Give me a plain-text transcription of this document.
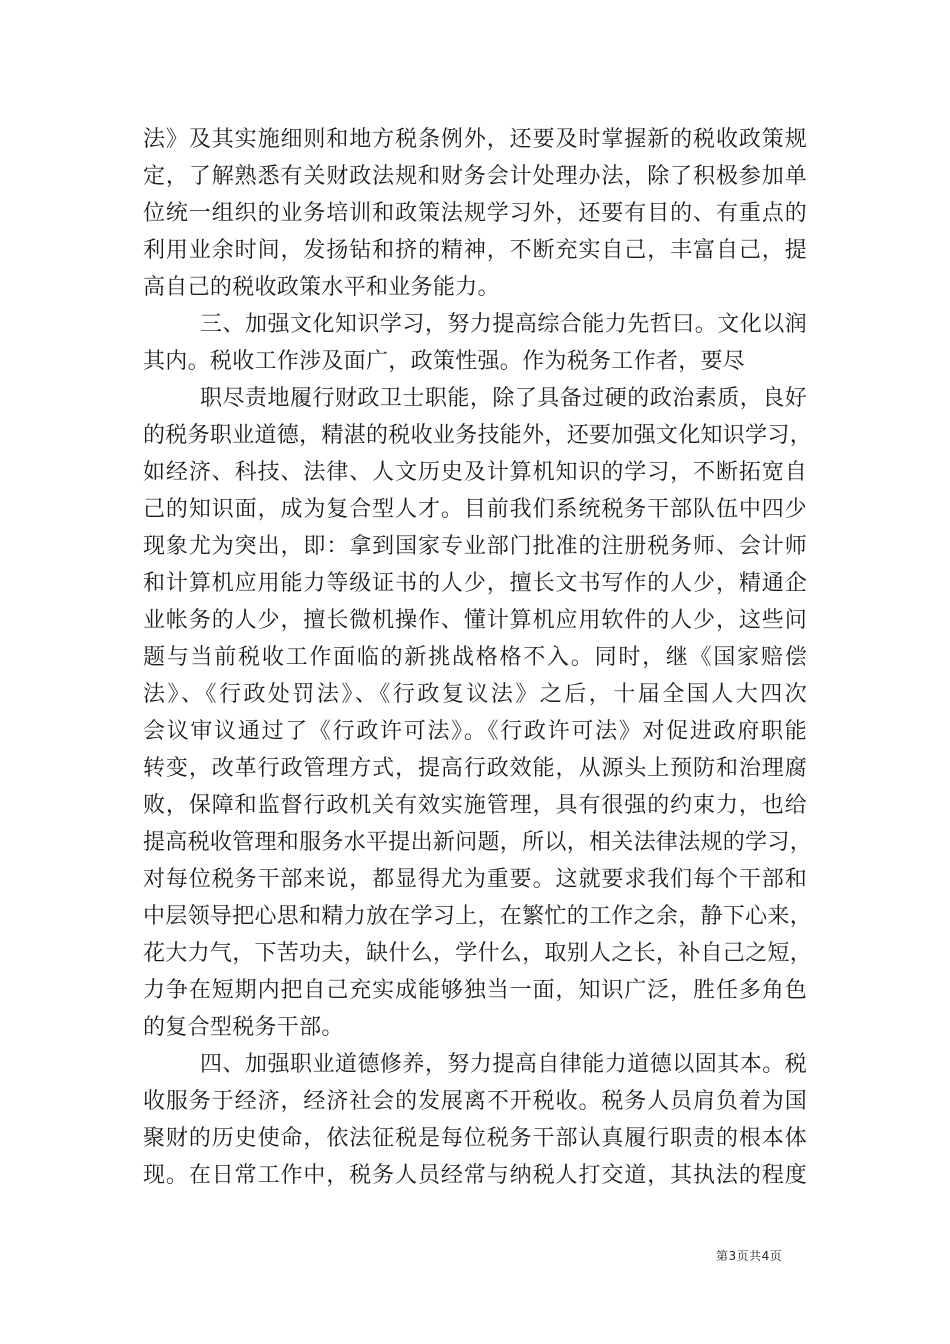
法》及其实施细则和地方税条例外，还要及时掌握新的税收政策规
定，了解熟悉有关财政法规和财务会计处理办法，除了积极参加单
位统一组织的业务培训和政策法规学习外，还要有目的、有重点的
利用业余时间，发扬钻和挤的精神，不断充实自己，丰富自己，提
高自己的税收政策水平和业务能力。
三、加强文化知识学习，努力提高综合能力先哲曰。文化以润
其内。税收工作涉及面广，政策性强。作为税务工作者，要尽
职尽责地履行财政卫士职能，除了具备过硬的政治素质，良好
的税务职业道德，精湛的税收业务技能外，还要加强文化知识学习，
如经济、科技、法律、人文历史及计算机知识的学习，不断拓宽自
己的知识面，成为复合型人才。目前我们系统税务干部队伍中四少
现象尤为突出，即：拿到国家专业部门批准的注册税务师、会计师
和计算机应用能力等级证书的人少，擅长文书写作的人少，精通企
业帐务的人少，擅长微机操作、懂计算机应用软件的人少，这些问
题与当前税收工作面临的新挑战格格不入。同时，继《国家赔偿
法》、《行政处罚法》、《行政复议法》之后，十届全国人大四次
会议审议通过了《行政许可法》。《行政许可法》对促进政府职能
转变，改革行政管理方式，提高行政效能，从源头上预防和治理腐
败，保障和监督行政机关有效实施管理，具有很强的约束力，也给
提高税收管理和服务水平提出新问题，所以，相关法律法规的学习，
对每位税务干部来说，都显得尤为重要。这就要求我们每个干部和
中层领导把心思和精力放在学习上，在繁忙的工作之余，静下心来，
花大力气，下苦功夫，缺什么，学什么，取别人之长，补自己之短，
力争在短期内把自己充实成能够独当一面，知识广泛，胜任多角色
的复合型税务干部。
四、加强职业道德修养，努力提高自律能力道德以固其本。税
收服务于经济，经济社会的发展离不开税收。税务人员肩负着为国
聚财的历史使命，依法征税是每位税务干部认真履行职责的根本体
现。在日常工作中，税务人员经常与纳税人打交道，其执法的程度
第3页共4页
